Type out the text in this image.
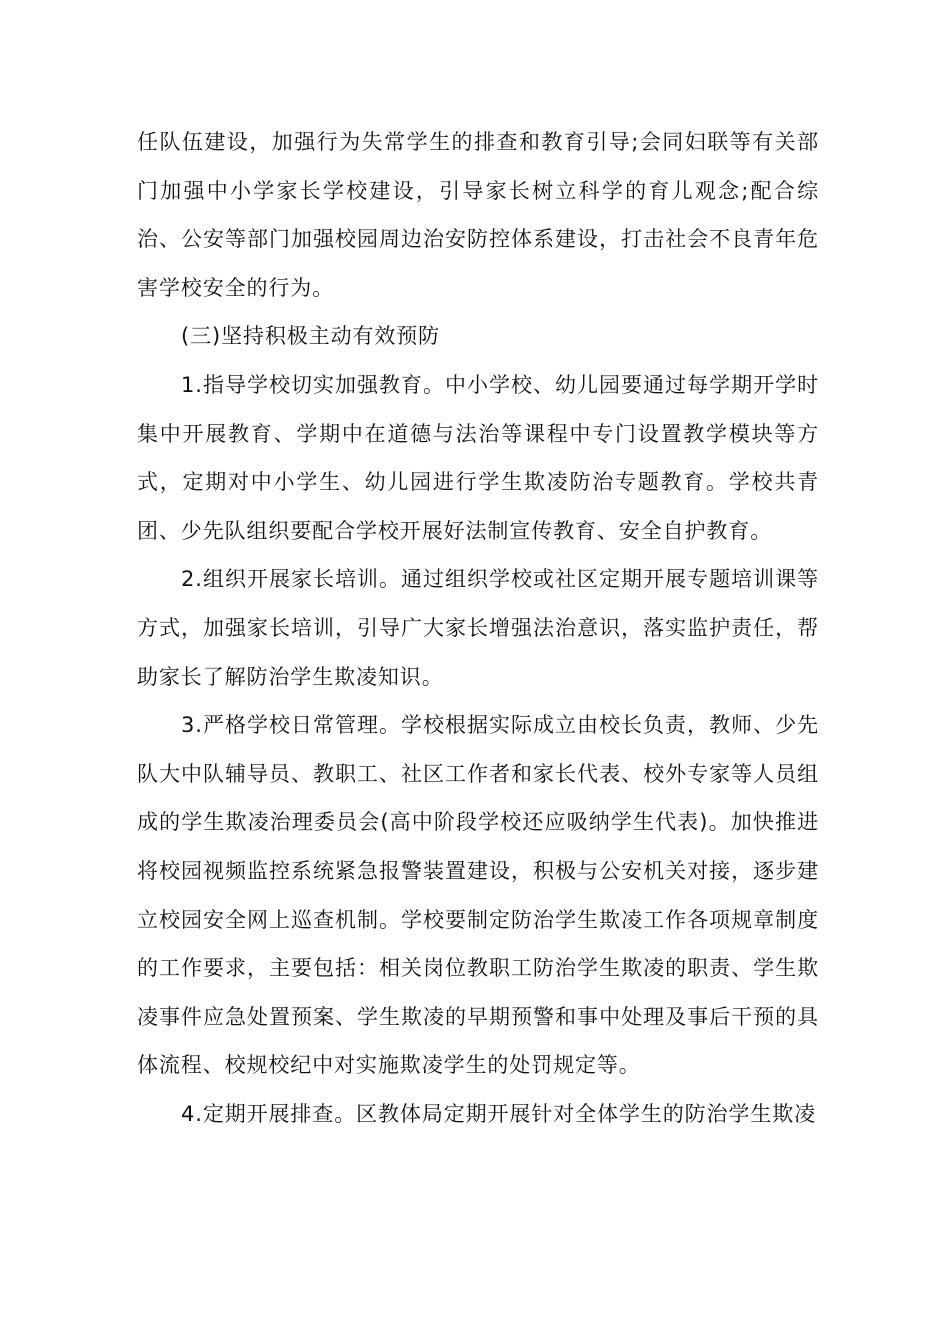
任队伍建设，加强行为失常学生的排查和教育引导;会同妇联等有关部门加强中小学家长学校建设，引导家长树立科学的育儿观念;配合综治、公安等部门加强校园周边治安防控体系建设，打击社会不良青年危害学校安全的行为。

(三)坚持积极主动有效预防

1.指导学校切实加强教育。中小学校、幼儿园要通过每学期开学时集中开展教育、学期中在道德与法治等课程中专门设置教学模块等方式，定期对中小学生、幼儿园进行学生欺凌防治专题教育。学校共青团、少先队组织要配合学校开展好法制宣传教育、安全自护教育。

2.组织开展家长培训。通过组织学校或社区定期开展专题培训课等方式，加强家长培训，引导广大家长增强法治意识，落实监护责任，帮助家长了解防治学生欺凌知识。

3.严格学校日常管理。学校根据实际成立由校长负责，教师、少先队大中队辅导员、教职工、社区工作者和家长代表、校外专家等人员组成的学生欺凌治理委员会(高中阶段学校还应吸纳学生代表)。加快推进将校园视频监控系统紧急报警装置建设，积极与公安机关对接，逐步建立校园安全网上巡查机制。学校要制定防治学生欺凌工作各项规章制度的工作要求，主要包括：相关岗位教职工防治学生欺凌的职责、学生欺凌事件应急处置预案、学生欺凌的早期预警和事中处理及事后干预的具体流程、校规校纪中对实施欺凌学生的处罚规定等。

4.定期开展排查。区教体局定期开展针对全体学生的防治学生欺凌
